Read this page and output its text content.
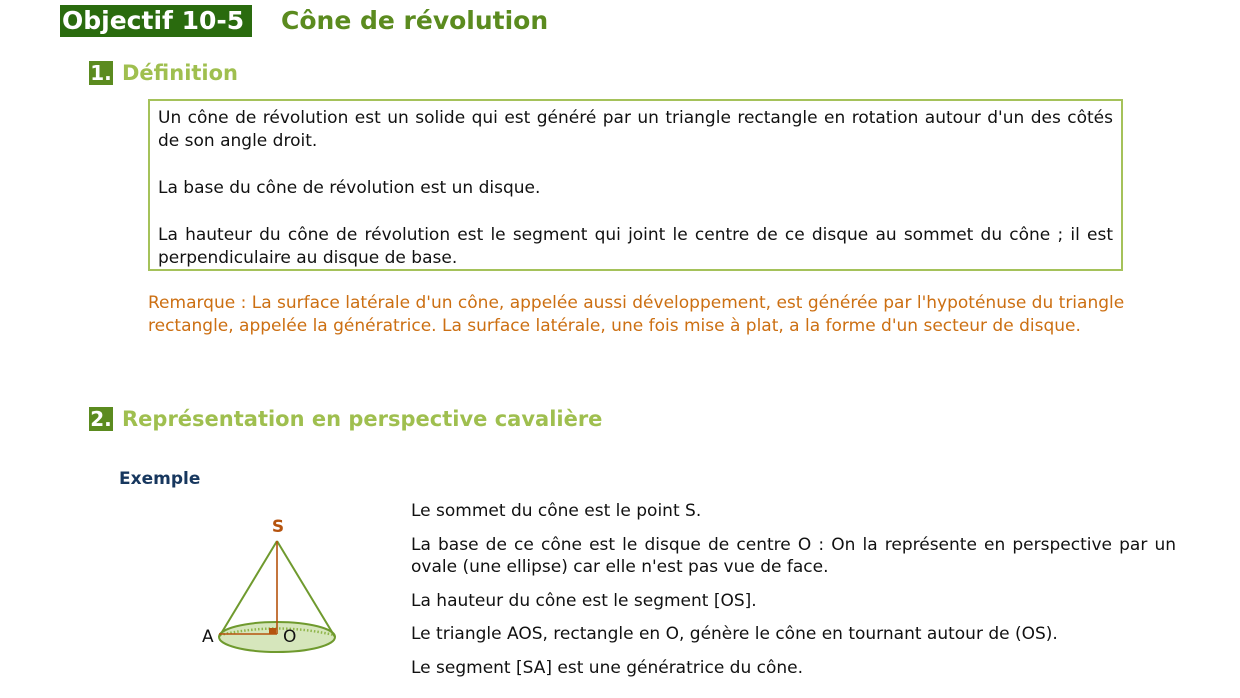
Objectif 10-5	Cône de révolution
1. Définition

Un cône de révolution est un solide qui est généré par un triangle rectangle en rotation autour d'un des côtés de son angle droit.

La base du cône de révolution est un disque.

La hauteur du cône de révolution est le segment qui joint le centre de ce disque au sommet du cône ; il est perpendiculaire au disque de base.

Remarque : La surface latérale d'un cône, appelée aussi développement, est générée par l'hypoténuse du triangle rectangle, appelée la génératrice. La surface latérale, une fois mise à plat, a la forme d'un secteur de disque.

2. Représentation en perspective cavalière
Exemple
S
A	O

Le sommet du cône est le point S.

La base de ce cône est le disque de centre O : On la représente en perspective par un ovale (une ellipse) car elle n'est pas vue de face.

La hauteur du cône est le segment [OS].

Le triangle AOS, rectangle en O, génère le cône en tournant autour de (OS).

Le segment [SA] est une génératrice du cône.
